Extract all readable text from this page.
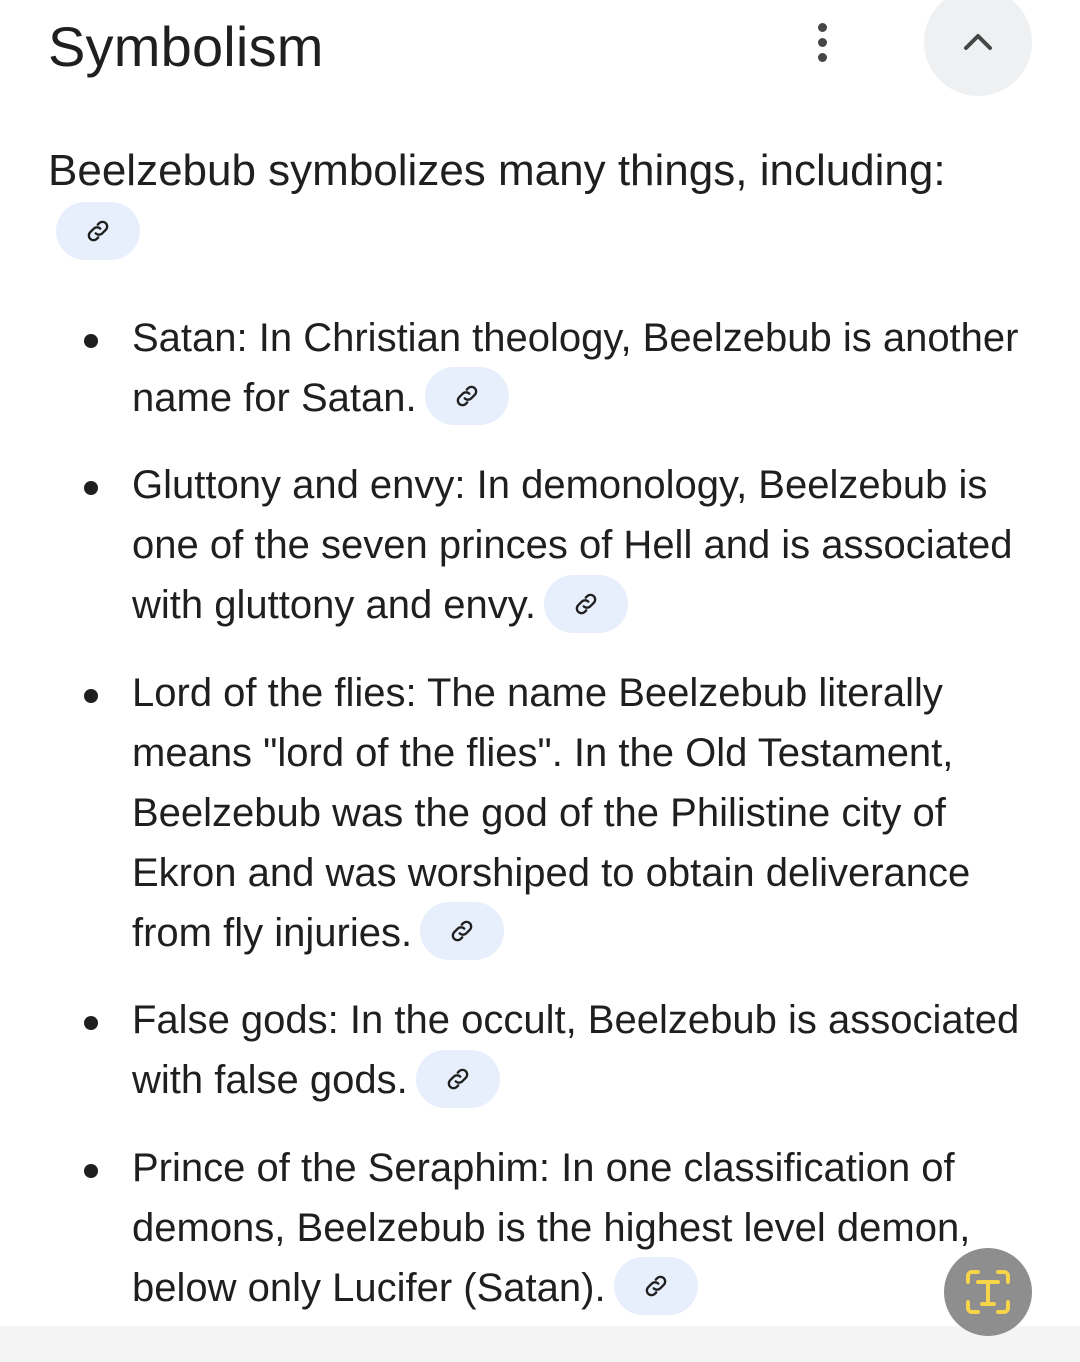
Symbolism
Beelzebub symbolizes many things, including:
Satan: In Christian theology, Beelzebub is another name for Satan.
Gluttony and envy: In demonology, Beelzebub is one of the seven princes of Hell and is associated with gluttony and envy.
Lord of the flies: The name Beelzebub literally means "lord of the flies". In the Old Testament, Beelzebub was the god of the Philistine city of Ekron and was worshiped to obtain deliverance from fly injuries.
False gods: In the occult, Beelzebub is associated with false gods.
Prince of the Seraphim: In one classification of demons, Beelzebub is the highest level demon, below only Lucifer (Satan).
